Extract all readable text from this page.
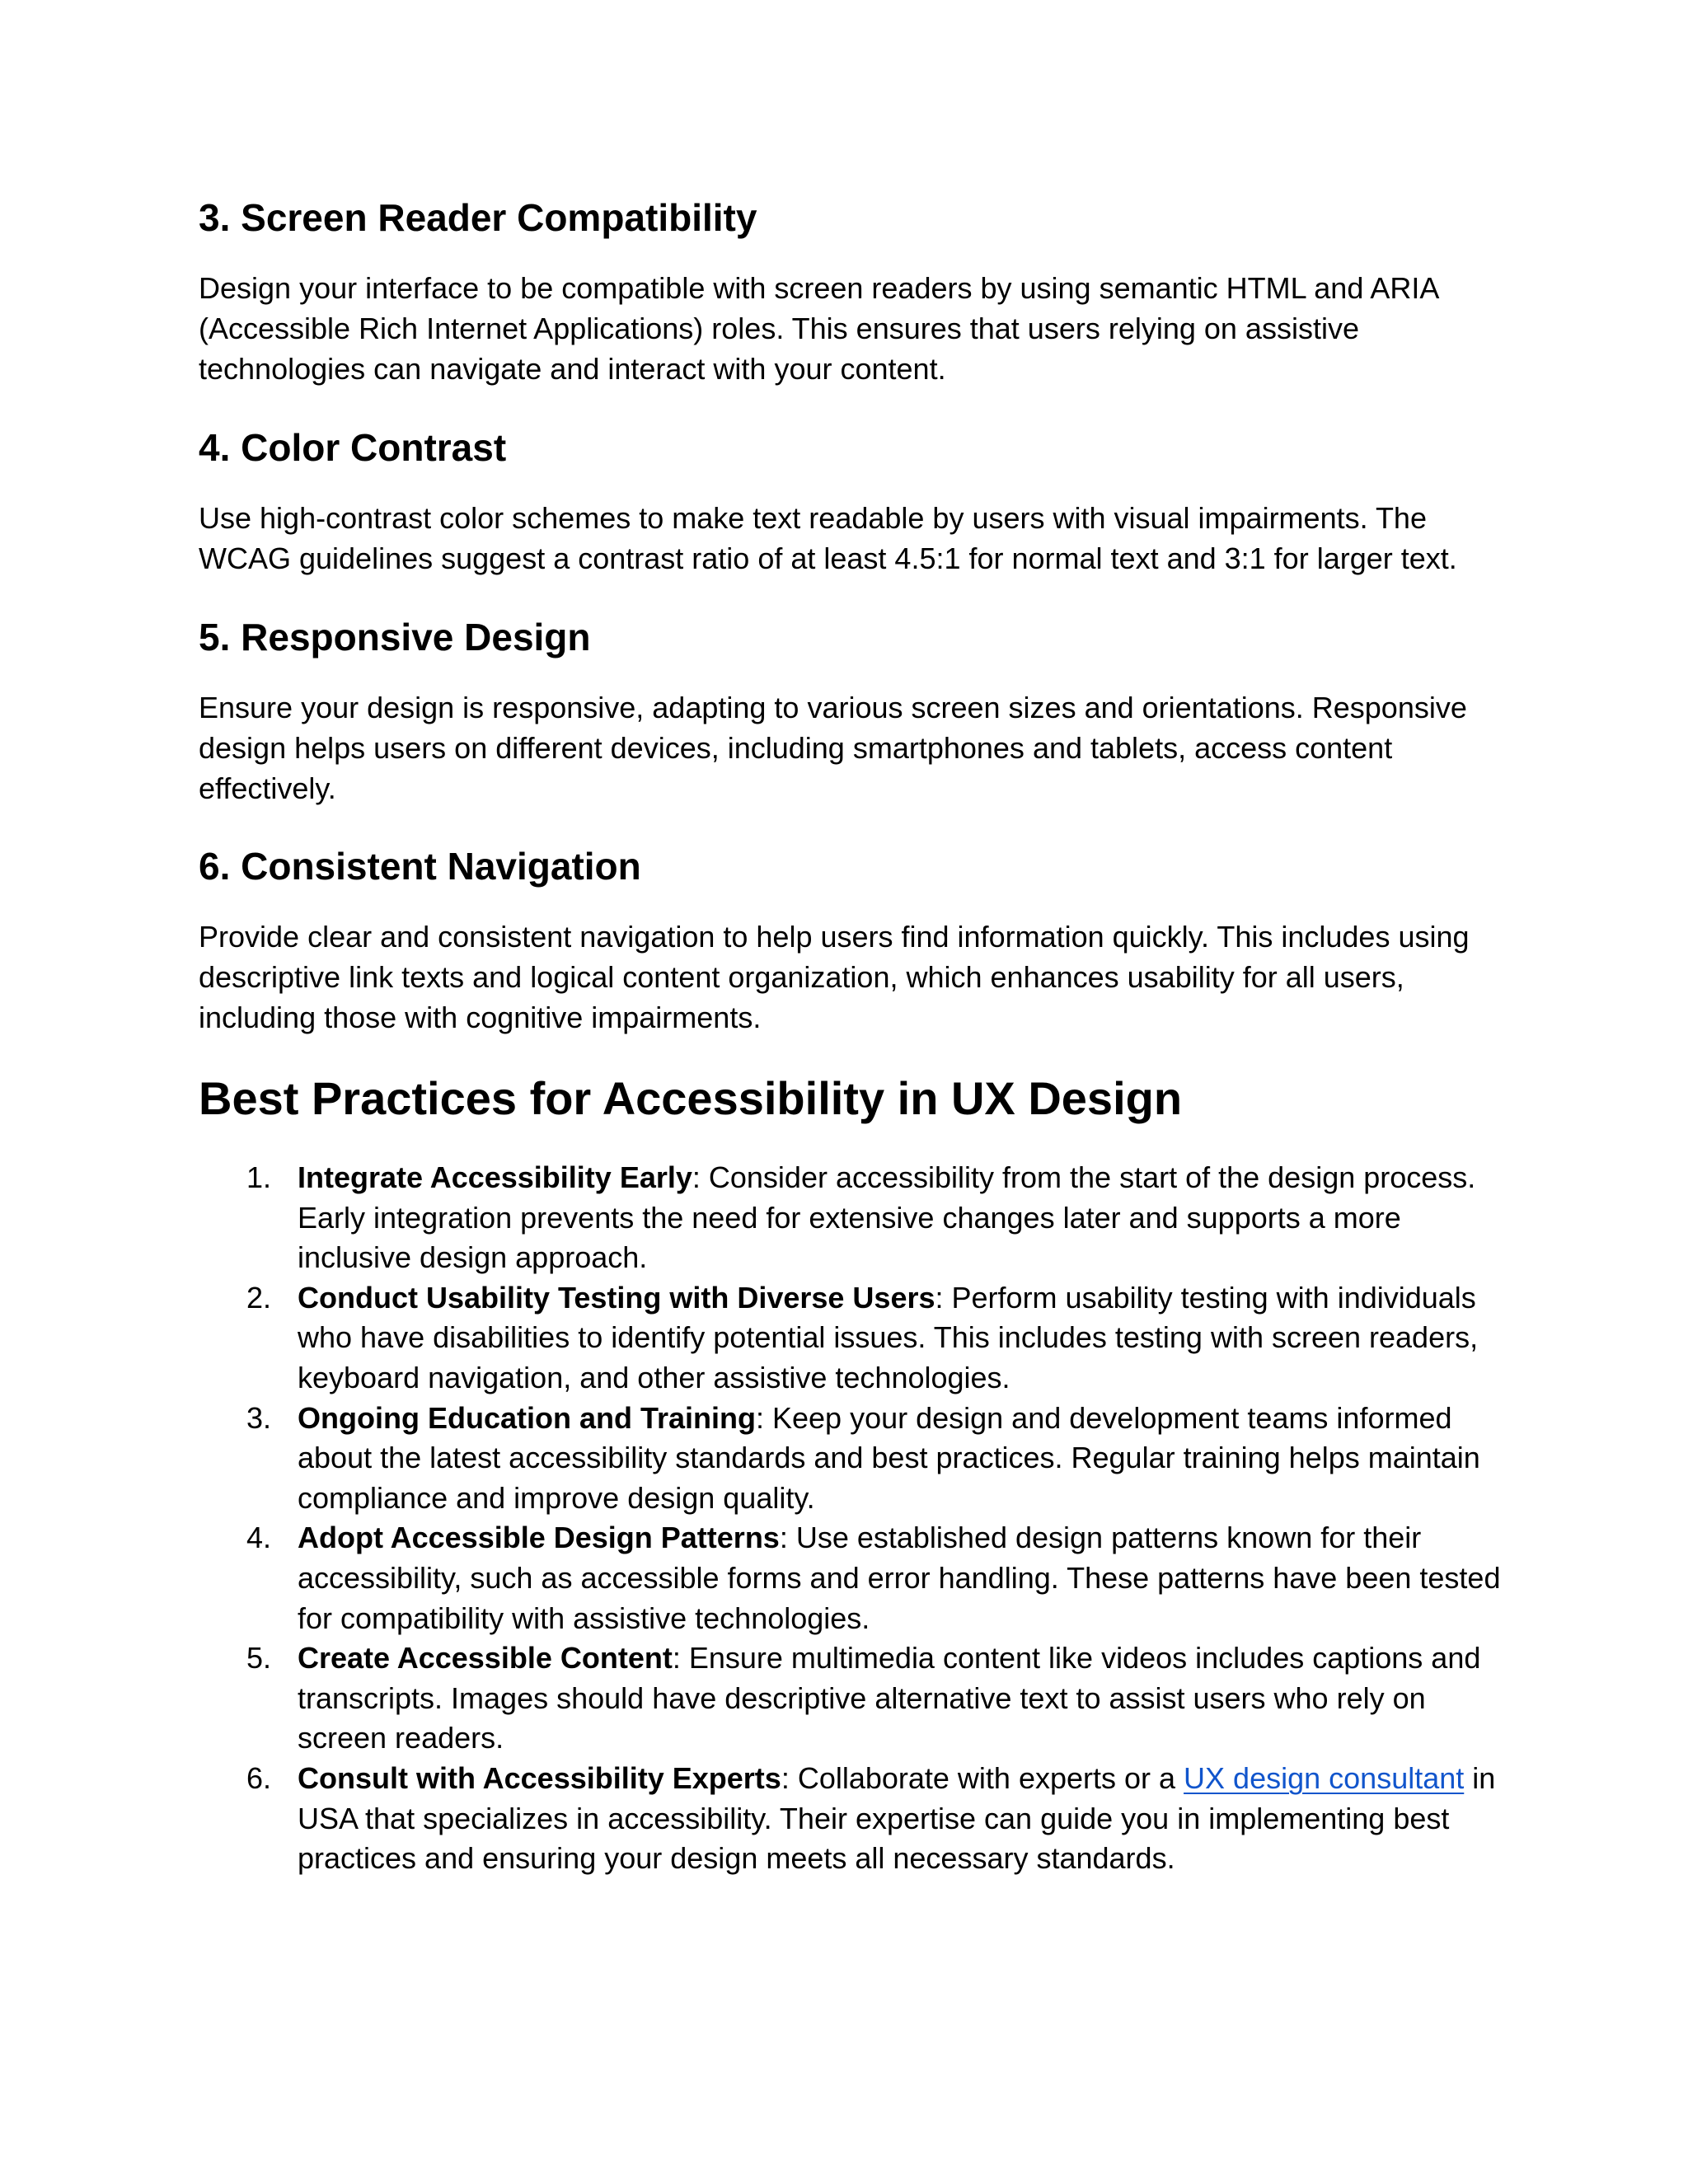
3. Screen Reader Compatibility

Design your interface to be compatible with screen readers by using semantic HTML and ARIA (Accessible Rich Internet Applications) roles. This ensures that users relying on assistive technologies can navigate and interact with your content.

4. Color Contrast

Use high-contrast color schemes to make text readable by users with visual impairments. The WCAG guidelines suggest a contrast ratio of at least 4.5:1 for normal text and 3:1 for larger text.

5. Responsive Design

Ensure your design is responsive, adapting to various screen sizes and orientations. Responsive design helps users on different devices, including smartphones and tablets, access content effectively.

6. Consistent Navigation

Provide clear and consistent navigation to help users find information quickly. This includes using descriptive link texts and logical content organization, which enhances usability for all users, including those with cognitive impairments.

Best Practices for Accessibility in UX Design
1. Integrate Accessibility Early: Consider accessibility from the start of the design process. Early integration prevents the need for extensive changes later and supports a more inclusive design approach.
2. Conduct Usability Testing with Diverse Users: Perform usability testing with individuals who have disabilities to identify potential issues. This includes testing with screen readers, keyboard navigation, and other assistive technologies.
3. Ongoing Education and Training: Keep your design and development teams informed about the latest accessibility standards and best practices. Regular training helps maintain compliance and improve design quality.
4. Adopt Accessible Design Patterns: Use established design patterns known for their accessibility, such as accessible forms and error handling. These patterns have been tested for compatibility with assistive technologies.
5. Create Accessible Content: Ensure multimedia content like videos includes captions and transcripts. Images should have descriptive alternative text to assist users who rely on screen readers.
6. Consult with Accessibility Experts: Collaborate with experts or a UX design consultant in USA that specializes in accessibility. Their expertise can guide you in implementing best practices and ensuring your design meets all necessary standards.
